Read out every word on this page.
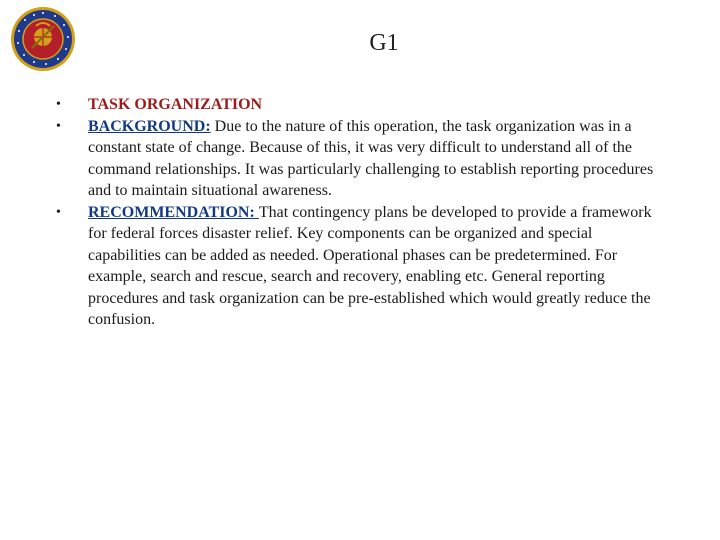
G1
• TASK ORGANIZATION
• BACKGROUND: Due to the nature of this operation, the task organization was in a constant state of change. Because of this, it was very difficult to understand all of the command relationships. It was particularly challenging to establish reporting procedures and to maintain situational awareness.
• RECOMMENDATION: That contingency plans be developed to provide a framework for federal forces disaster relief. Key components can be organized and special capabilities can be added as needed. Operational phases can be predetermined. For example, search and rescue, search and recovery, enabling etc. General reporting procedures and task organization can be pre-established which would greatly reduce the confusion.
